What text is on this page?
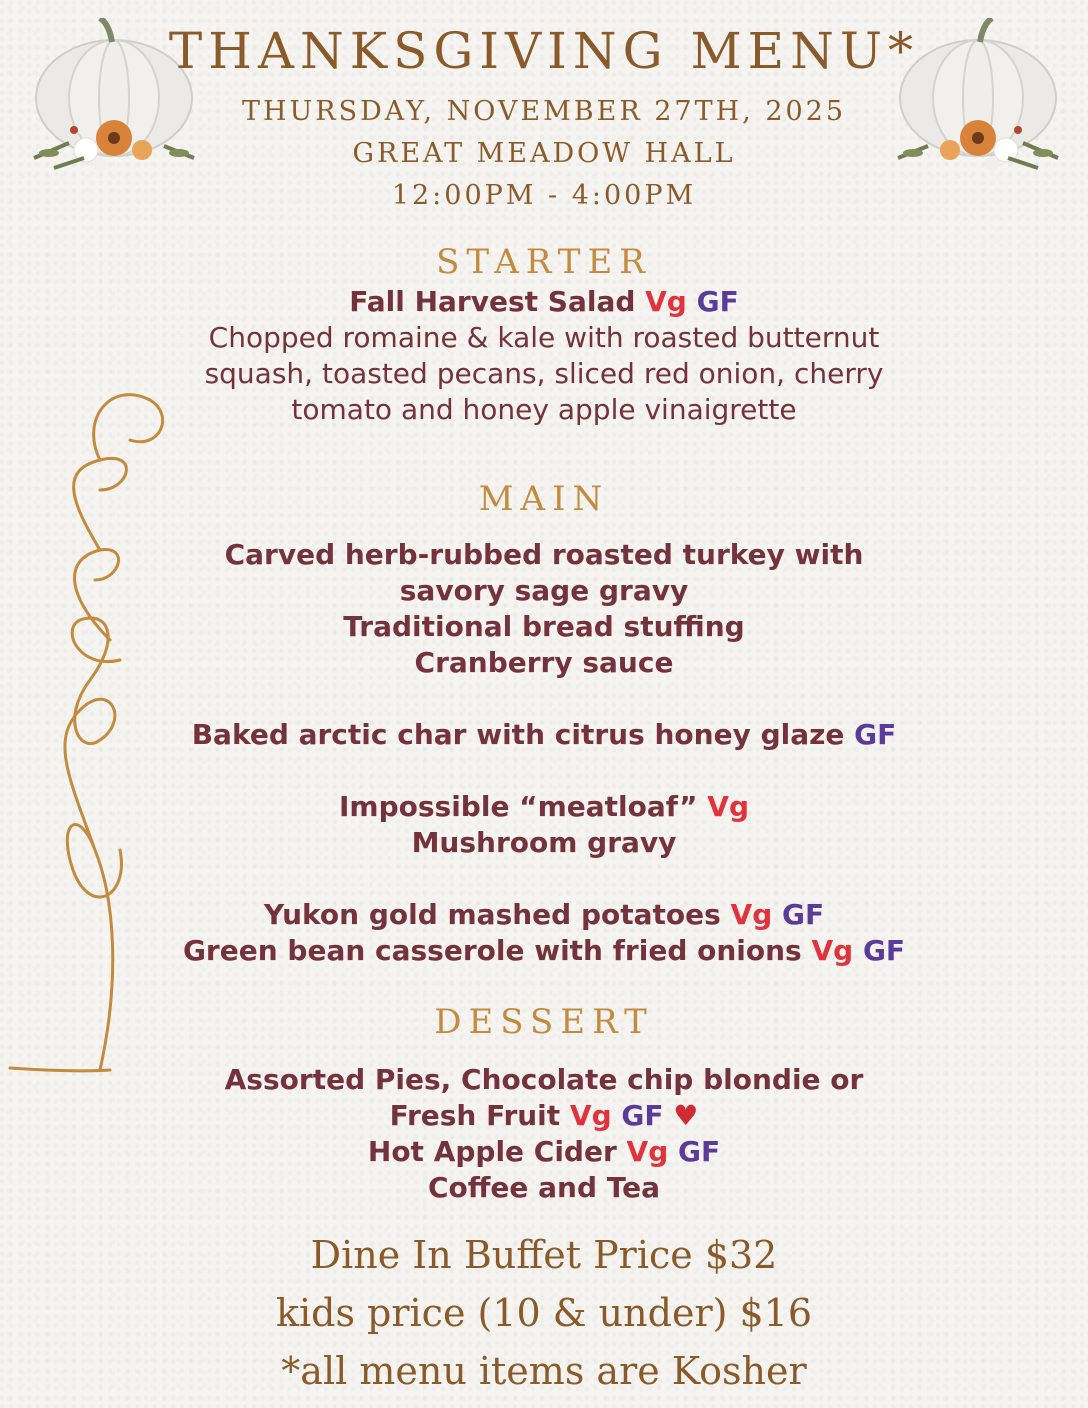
THANKSGIVING MENU*
THURSDAY, NOVEMBER 27TH, 2025
GREAT MEADOW HALL
12:00PM - 4:00PM
STARTER
Fall Harvest Salad Vg GF
Chopped romaine & kale with roasted butternut
squash, toasted pecans, sliced red onion, cherry
tomato and honey apple vinaigrette
MAIN
Carved herb-rubbed roasted turkey with
savory sage gravy
Traditional bread stuffing
Cranberry sauce
Baked arctic char with citrus honey glaze GF
Impossible “meatloaf” Vg
Mushroom gravy
Yukon gold mashed potatoes Vg GF
Green bean casserole with fried onions Vg GF
DESSERT
Assorted Pies, Chocolate chip blondie or
Fresh Fruit Vg GF ♥
Hot Apple Cider Vg GF
Coffee and Tea
Dine In Buffet Price $32
kids price (10 & under) $16
*all menu items are Kosher
